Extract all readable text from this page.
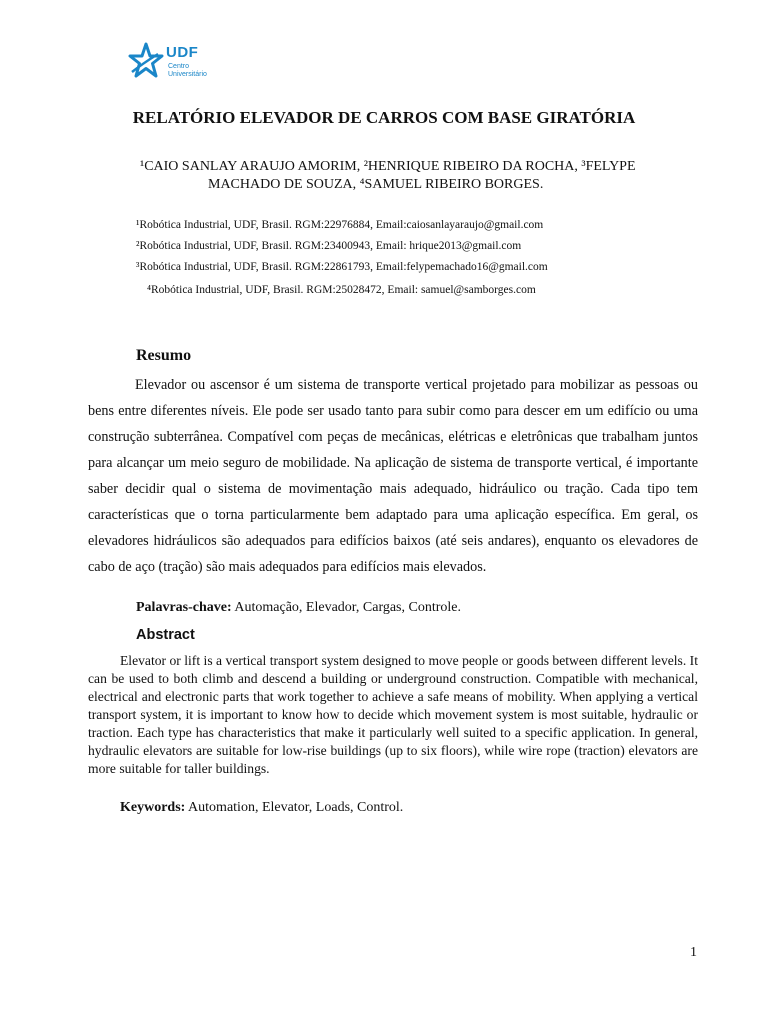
UDF
Centro
Universitário
RELATÓRIO ELEVADOR DE CARROS COM BASE GIRATÓRIA
¹CAIO SANLAY ARAUJO AMORIM, ²HENRIQUE RIBEIRO DA ROCHA, ³FELYPE
MACHADO DE SOUZA, ⁴SAMUEL RIBEIRO BORGES.
¹Robótica Industrial, UDF, Brasil. RGM:22976884, Email:caiosanlayaraujo@gmail.com
²Robótica Industrial, UDF, Brasil. RGM:23400943, Email: hrique2013@gmail.com
³Robótica Industrial, UDF, Brasil. RGM:22861793, Email:felypemachado16@gmail.com
⁴Robótica Industrial, UDF, Brasil. RGM:25028472, Email: samuel@samborges.com
Resumo
Elevador ou ascensor é um sistema de transporte vertical projetado para mobilizar as pessoas ou bens entre diferentes níveis. Ele pode ser usado tanto para subir como para descer em um edifício ou uma construção subterrânea. Compatível com peças de mecânicas, elétricas e eletrônicas que trabalham juntos para alcançar um meio seguro de mobilidade. Na aplicação de sistema de transporte vertical, é importante saber decidir qual o sistema de movimentação mais adequado, hidráulico ou tração. Cada tipo tem características que o torna particularmente bem adaptado para uma aplicação específica. Em geral, os elevadores hidráulicos são adequados para edifícios baixos (até seis andares), enquanto os elevadores de cabo de aço (tração) são mais adequados para edifícios mais elevados.
Palavras-chave: Automação, Elevador, Cargas, Controle.
Abstract
Elevator or lift is a vertical transport system designed to move people or goods between different levels. It can be used to both climb and descend a building or underground construction. Compatible with mechanical, electrical and electronic parts that work together to achieve a safe means of mobility. When applying a vertical transport system, it is important to know how to decide which movement system is most suitable, hydraulic or traction. Each type has characteristics that make it particularly well suited to a specific application. In general, hydraulic elevators are suitable for low-rise buildings (up to six floors), while wire rope (traction) elevators are more suitable for taller buildings.
Keywords: Automation, Elevator, Loads, Control.
1
